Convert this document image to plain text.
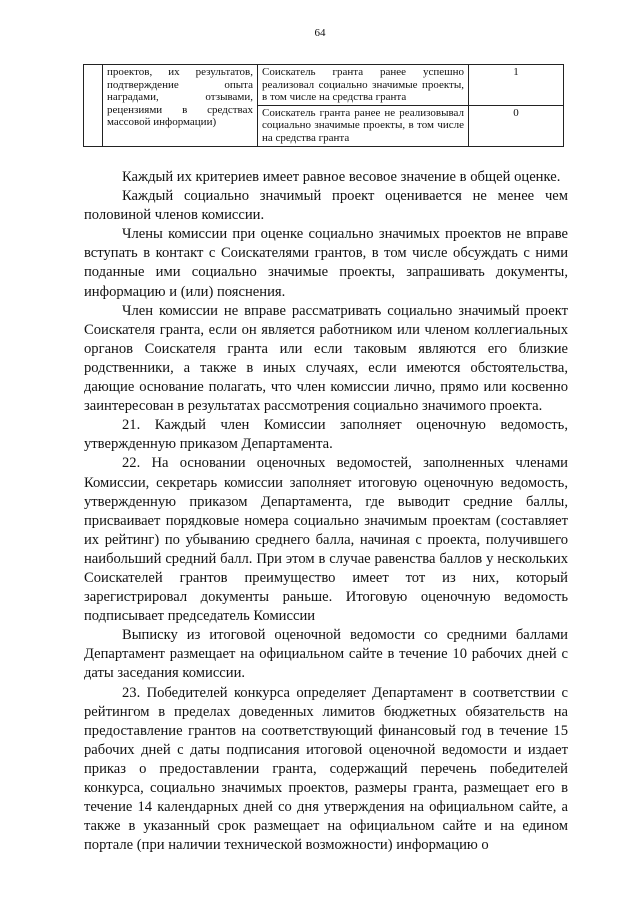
64
	проектов, их результатов, подтверждение опыта наградами, отзывами, рецензиями в средствах массовой информации)	Соискатель гранта ранее успешно реализовал социально значимые проекты, в том числе на средства гранта	1
		Соискатель гранта ранее не реализовывал социально значимые проекты, в том числе на средства гранта	0

Каждый их критериев имеет равное весовое значение в общей оценке.

Каждый социально значимый проект оценивается не менее чем половиной членов комиссии.

Члены комиссии при оценке социально значимых проектов не вправе вступать в контакт с Соискателями грантов, в том числе обсуждать с ними поданные ими социально значимые проекты, запрашивать документы, информацию и (или) пояснения.

Член комиссии не вправе рассматривать социально значимый проект Соискателя гранта, если он является работником или членом коллегиальных органов Соискателя гранта или если таковым являются его близкие родственники, а также в иных случаях, если имеются обстоятельства, дающие основание полагать, что член комиссии лично, прямо или косвенно заинтересован в результатах рассмотрения социально значимого проекта.

21. Каждый член Комиссии заполняет оценочную ведомость, утвержденную приказом Департамента.

22. На основании оценочных ведомостей, заполненных членами Комиссии, секретарь комиссии заполняет итоговую оценочную ведомость, утвержденную приказом Департамента, где выводит средние баллы, присваивает порядковые номера социально значимым проектам (составляет их рейтинг) по убыванию среднего балла, начиная с проекта, получившего наибольший средний балл. При этом в случае равенства баллов у нескольких Соискателей грантов преимущество имеет тот из них, который зарегистрировал документы раньше. Итоговую оценочную ведомость подписывает председатель Комиссии

Выписку из итоговой оценочной ведомости со средними баллами Департамент размещает на официальном сайте в течение 10 рабочих дней с даты заседания комиссии.

23. Победителей конкурса определяет Департамент в соответствии с рейтингом в пределах доведенных лимитов бюджетных обязательств на предоставление грантов на соответствующий финансовый год в течение 15 рабочих дней с даты подписания итоговой оценочной ведомости и издает приказ о предоставлении гранта, содержащий перечень победителей конкурса, социально значимых проектов, размеры гранта, размещает его в течение 14 календарных дней со дня утверждения на официальном сайте, а также в указанный срок размещает на официальном сайте и на едином портале (при наличии технической возможности) информацию о
